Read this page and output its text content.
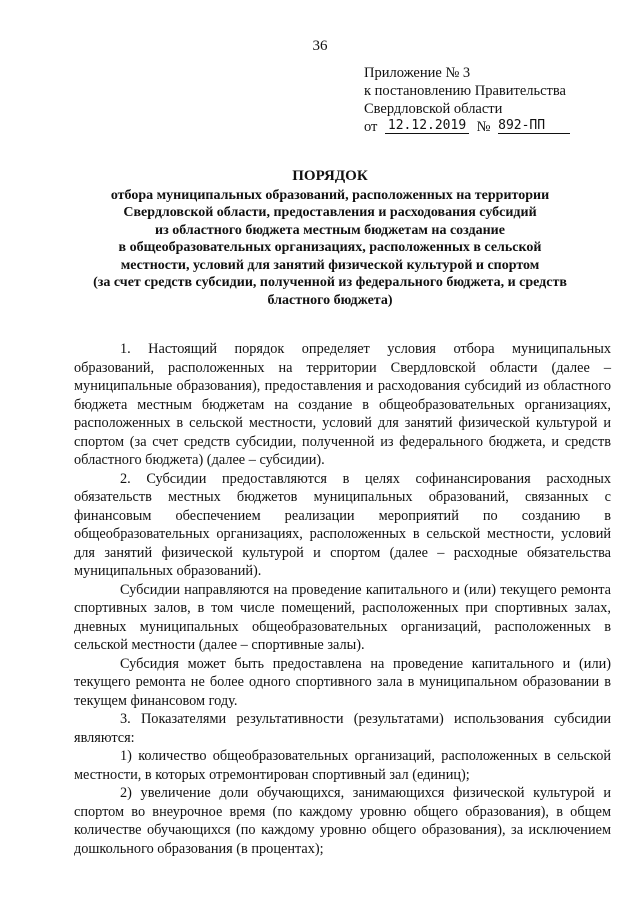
36
Приложение № 3
к постановлению Правительства
Свердловской области
от 12.12.2019 № 892-ПП
ПОРЯДОК
отбора муниципальных образований, расположенных на территории
Свердловской области, предоставления и расходования субсидий
из областного бюджета местным бюджетам на создание
в общеобразовательных организациях, расположенных в сельской
местности, условий для занятий физической культурой и спортом
(за счет средств субсидии, полученной из федерального бюджета, и средств
бластного бюджета)

1. Настоящий порядок определяет условия отбора муниципальных образований, расположенных на территории Свердловской области (далее – муниципальные образования), предоставления и расходования субсидий из областного бюджета местным бюджетам на создание в общеобразовательных организациях, расположенных в сельской местности, условий для занятий физической культурой и спортом (за счет средств субсидии, полученной из федерального бюджета, и средств областного бюджета) (далее – субсидии).

2. Субсидии предоставляются в целях софинансирования расходных обязательств местных бюджетов муниципальных образований, связанных с финансовым обеспечением реализации мероприятий по созданию в общеобразовательных организациях, расположенных в сельской местности, условий для занятий физической культурой и спортом (далее – расходные обязательства муниципальных образований).

Субсидии направляются на проведение капитального и (или) текущего ремонта спортивных залов, в том числе помещений, расположенных при спортивных залах, дневных муниципальных общеобразовательных организаций, расположенных в сельской местности (далее – спортивные залы).

Субсидия может быть предоставлена на проведение капитального и (или) текущего ремонта не более одного спортивного зала в муниципальном образовании в текущем финансовом году.

3. Показателями результативности (результатами) использования субсидии являются:

1) количество общеобразовательных организаций, расположенных в сельской местности, в которых отремонтирован спортивный зал (единиц);

2) увеличение доли обучающихся, занимающихся физической культурой и спортом во внеурочное время (по каждому уровню общего образования), в общем количестве обучающихся (по каждому уровню общего образования), за исключением дошкольного образования (в процентах);
